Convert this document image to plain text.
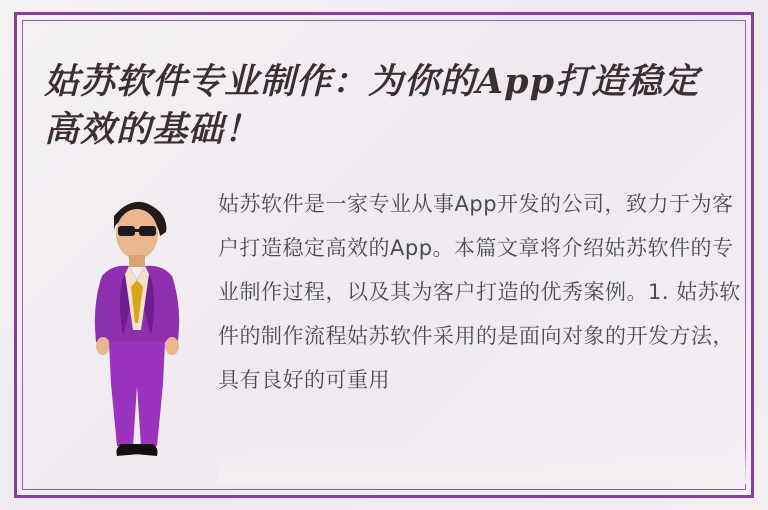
姑苏软件专业制作：为你的App打造稳定高效的基础！
姑苏软件是一家专业从事App开发的公司，致力于为客户打造稳定高效的App。本篇文章将介绍姑苏软件的专业制作过程，以及其为客户打造的优秀案例。1. 姑苏软件的制作流程姑苏软件采用的是面向对象的开发方法，具有良好的可重用
